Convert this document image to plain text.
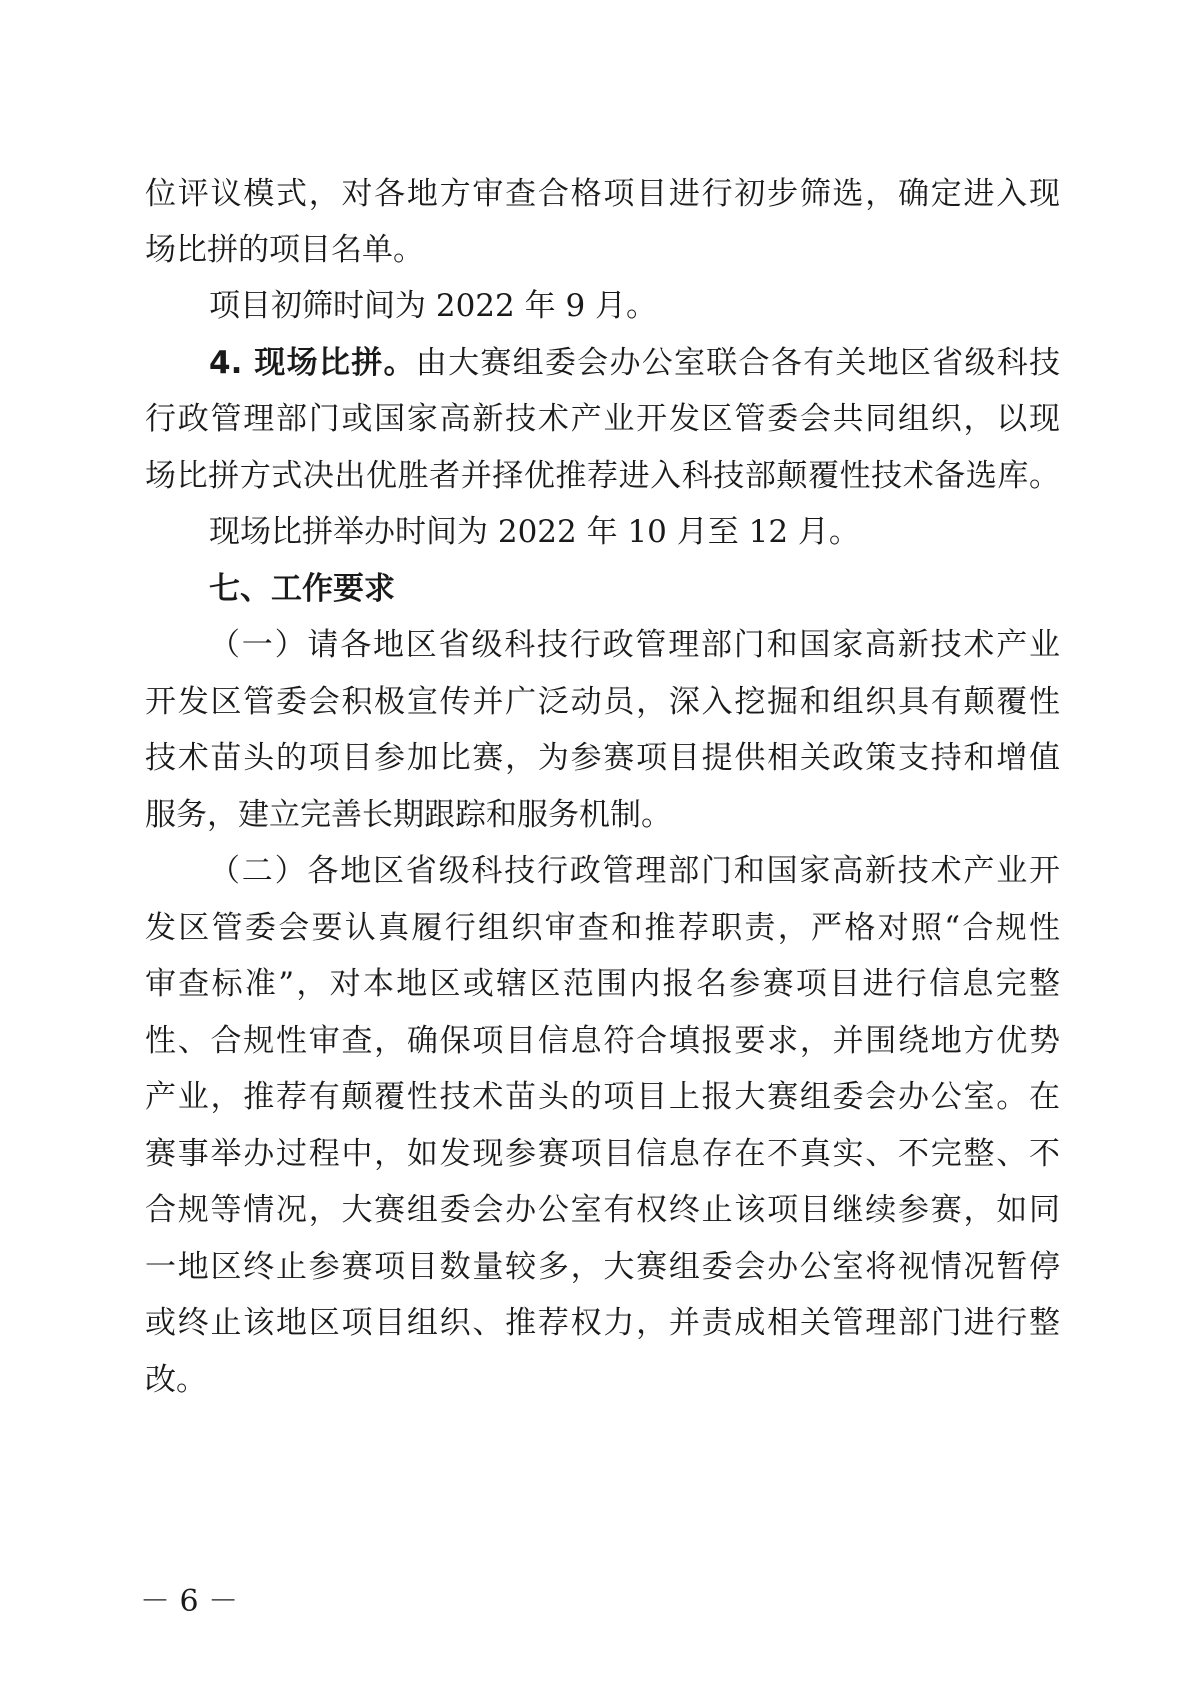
位评议模式，对各地方审查合格项目进行初步筛选，确定进入现
场比拼的项目名单。
项目初筛时间为 2022 年 9 月。
4. 现场比拼。由大赛组委会办公室联合各有关地区省级科技
行政管理部门或国家高新技术产业开发区管委会共同组织，以现
场比拼方式决出优胜者并择优推荐进入科技部颠覆性技术备选库。
现场比拼举办时间为 2022 年 10 月至 12 月。
七、工作要求
（一）请各地区省级科技行政管理部门和国家高新技术产业
开发区管委会积极宣传并广泛动员，深入挖掘和组织具有颠覆性
技术苗头的项目参加比赛，为参赛项目提供相关政策支持和增值
服务，建立完善长期跟踪和服务机制。
（二）各地区省级科技行政管理部门和国家高新技术产业开
发区管委会要认真履行组织审查和推荐职责，严格对照“合规性
审查标准”，对本地区或辖区范围内报名参赛项目进行信息完整
性、合规性审查，确保项目信息符合填报要求，并围绕地方优势
产业，推荐有颠覆性技术苗头的项目上报大赛组委会办公室。在
赛事举办过程中，如发现参赛项目信息存在不真实、不完整、不
合规等情况，大赛组委会办公室有权终止该项目继续参赛，如同
一地区终止参赛项目数量较多，大赛组委会办公室将视情况暂停
或终止该地区项目组织、推荐权力，并责成相关管理部门进行整
改。
－ 6 －
